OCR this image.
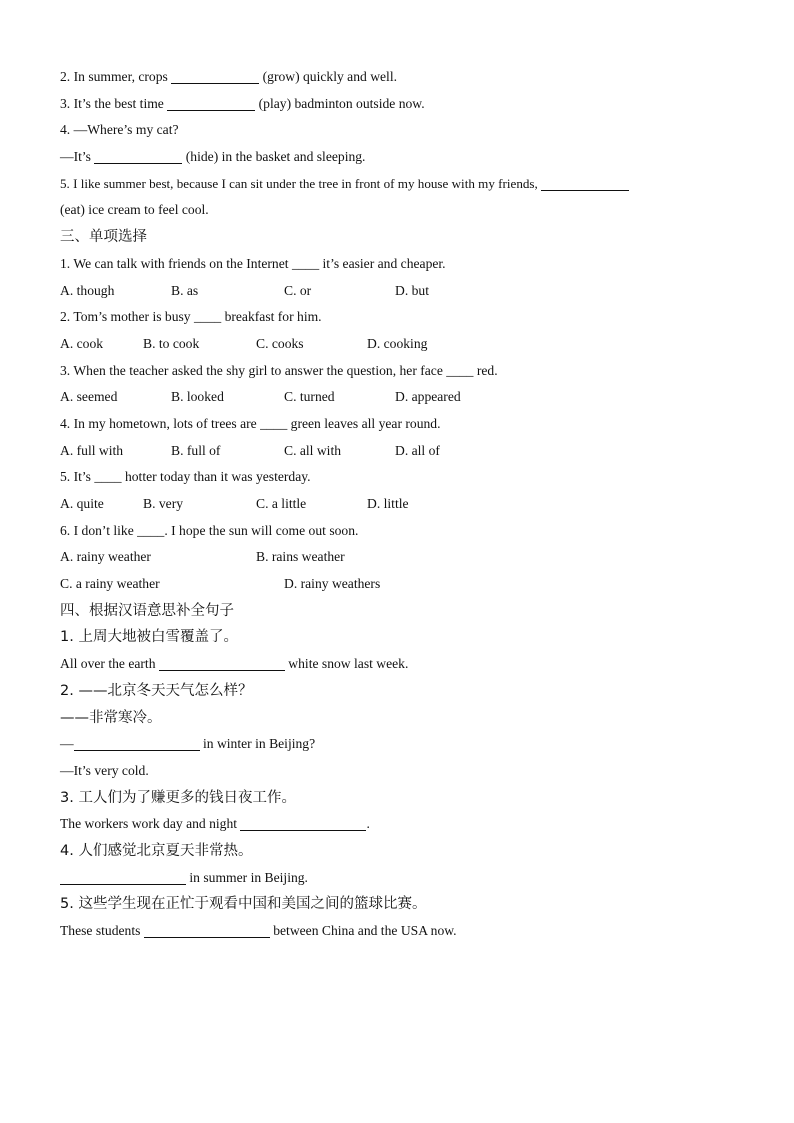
2. In summer, crops	(grow) quickly and well.
3. It’s the best time	(play) badminton outside now.
4. —Where’s my cat?
—It’s	(hide) in the basket and sleeping.
5. I like summer best, because I can sit under the tree in front of my house with my friends,
(eat) ice cream to feel cool.
三、单项选择
1. We can talk with friends on the Internet ____ it’s easier and cheaper.

A. though

	B. as

	C. or

	D. but

2. Tom’s mother is busy ____ breakfast for him.

A. cook

	B. to cook

	C. cooks

	D. cooking

3. When the teacher asked the shy girl to answer the question, her face ____ red.

A. seemed

	B. looked

	C. turned

	D. appeared

4. In my hometown, lots of trees are ____ green leaves all year round.

A. full with

	B. full of

	C. all with

	D. all of

5. It’s ____ hotter today than it was yesterday.

A. quite

	B. very

	C. a little

	D. little

6. I don’t like ____. I hope the sun will come out soon.

A. rainy weather

	B. rains weather

C. a rainy weather

	D. rainy weathers

四、根据汉语意思补全句子
1. 上周大地被白雪覆盖了。
All over the earth	white snow last week.
2. ——北京冬天天气怎么样？
——非常寒冷。
—	in winter in Beijing?
—It’s very cold.
3. 工人们为了赚更多的钱日夜工作。
The workers work day and night	.
4. 人们感觉北京夏天非常热。
in summer in Beijing.
5. 这些学生现在正忙于观看中国和美国之间的篮球比赛。
These students	between China and the USA now.
